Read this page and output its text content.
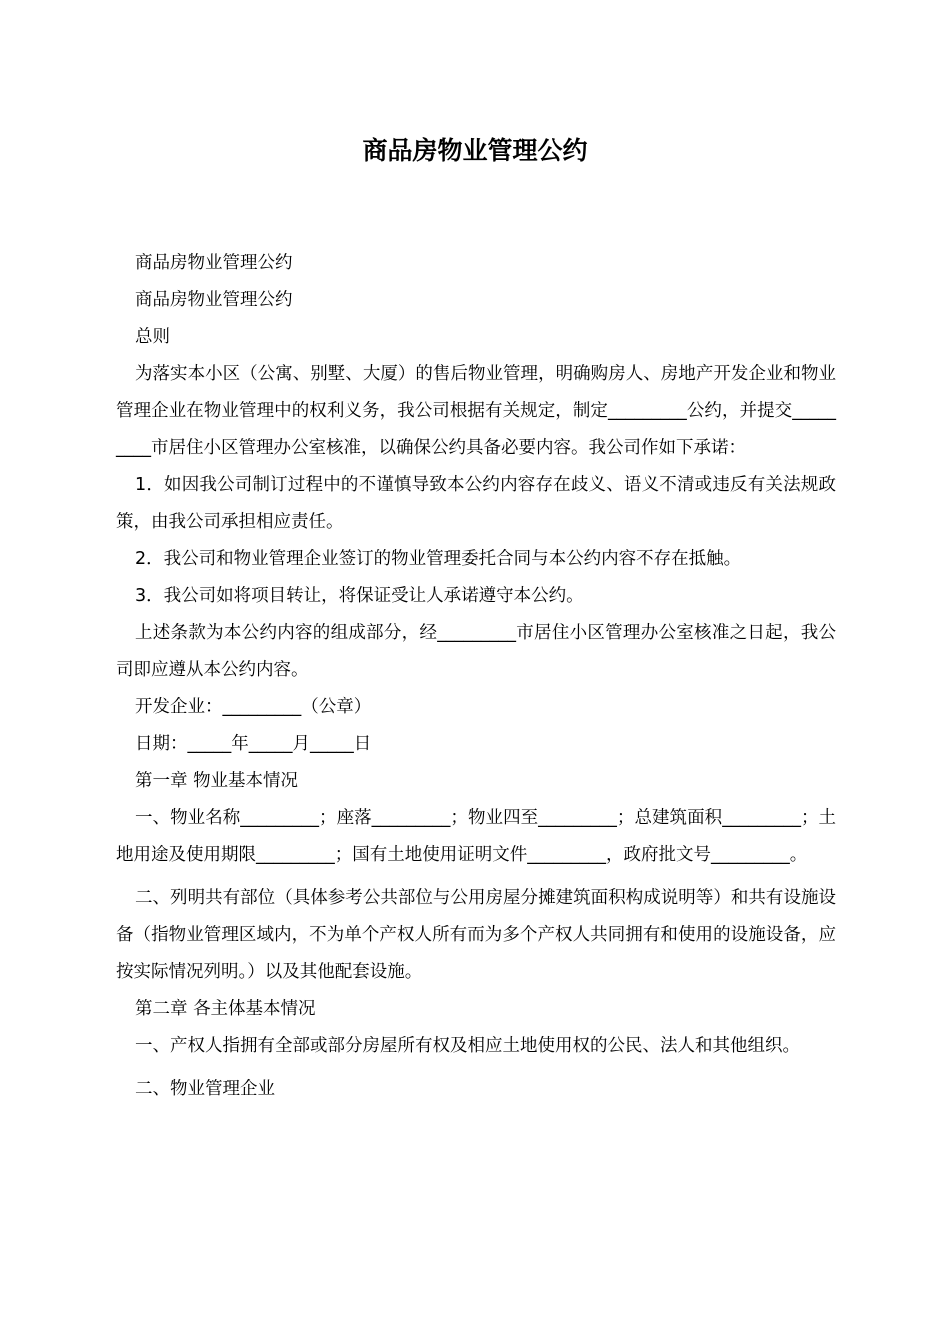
商品房物业管理公约

商品房物业管理公约

商品房物业管理公约

总则

为落实本小区（公寓、别墅、大厦）的售后物业管理，明确购房人、房地产开发企业和物业管理企业在物业管理中的权利义务，我公司根据有关规定，制定_________公约，并提交_________市居住小区管理办公室核准，以确保公约具备必要内容。我公司作如下承诺：

1．如因我公司制订过程中的不谨慎导致本公约内容存在歧义、语义不清或违反有关法规政策，由我公司承担相应责任。

2．我公司和物业管理企业签订的物业管理委托合同与本公约内容不存在抵触。

3．我公司如将项目转让，将保证受让人承诺遵守本公约。

上述条款为本公约内容的组成部分，经_________市居住小区管理办公室核准之日起，我公司即应遵从本公约内容。

开发企业：_________（公章）

日期：_____年_____月_____日

第一章 物业基本情况

一、物业名称_________；座落_________；物业四至_________；总建筑面积_________；土地用途及使用期限_________；国有土地使用证明文件_________，政府批文号_________。

二、列明共有部位（具体参考公共部位与公用房屋分摊建筑面积构成说明等）和共有设施设备（指物业管理区域内，不为单个产权人所有而为多个产权人共同拥有和使用的设施设备，应按实际情况列明。）以及其他配套设施。

第二章 各主体基本情况

一、产权人指拥有全部或部分房屋所有权及相应土地使用权的公民、法人和其他组织。

二、物业管理企业
